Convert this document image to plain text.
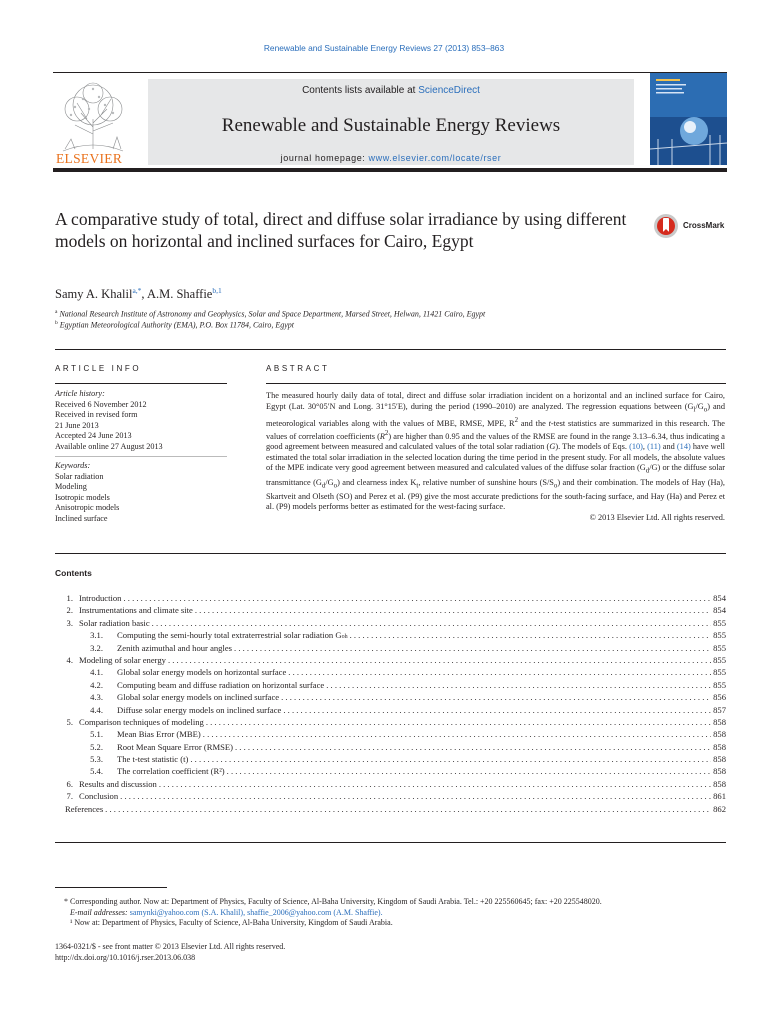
Renewable and Sustainable Energy Reviews 27 (2013) 853–863
ELSEVIER
Contents lists available at ScienceDirect
Renewable and Sustainable Energy Reviews
journal homepage: www.elsevier.com/locate/rser
A comparative study of total, direct and diffuse solar irradiance by using different models on horizontal and inclined surfaces for Cairo, Egypt
CrossMark
Samy A. Khalil$^{a,*}$, A.M. Shaffie$^{b,1}$
$^a$ National Research Institute of Astronomy and Geophysics, Solar and Space Department, Marsed Street, Helwan, 11421 Cairo, Egypt
$^b$ Egyptian Meteorological Authority (EMA), P.O. Box 11784, Cairo, Egypt
ARTICLE INFO	ABSTRACT
Article history:
Received 6 November 2012
Received in revised form
21 June 2013
Accepted 24 June 2013
Available online 27 August 2013
Keywords:
Solar radiation
Modeling
Isotropic models
Anisotropic models
Inclined surface
The measured hourly daily data of total, direct and diffuse solar irradiation incident on a horizontal and an inclined surface for Cairo, Egypt (Lat. 30°05′N and Long. 31°15′E), during the period (1990–2010) are analyzed. The regression equations between $(G_l/G_o)$ and meteorological variables along with the values of MBE, RMSE, MPE, $R^2$ and the t-test statistics are summarized in this research. The values of correlation coefficients $(R^2)$ are higher than 0.95 and the values of the RMSE are found in the range 3.13–6.34, thus indicating a good agreement between measured and calculated values of the total solar radiation (G). The models of Eqs. (10), (11) and (14) have well estimated the total solar irradiation in the selected location during the time period in the present study. For all models, the absolute values of the MPE indicate very good agreement between measured and calculated values of the diffuse solar fraction $(G_d/G)$ or the diffuse solar transmittance $(G_d/G_o)$ and clearness index $K_t$, relative number of sunshine hours $(S/S_o)$ and their combination. The models of Hay (Ha), Skartveit and Olseth (SO) and Perez et al. (P9) give the most accurate predictions for the south-facing surface, and Hay (Ha) and Perez et al. (P9) models performs better as estimated for the west-facing surface.
© 2013 Elsevier Ltd. All rights reserved.
Contents
1. Introduction . . .	854
2. Instrumentations and climate site . . .	854
3. Solar radiation basic . . .	855
3.1.	Computing the semi-hourly total extraterrestrial solar radiation $G_{oh}$ . . .	855
3.2.	Zenith azimuthal and hour angles . . .	855
4. Modeling of solar energy . . .	855
4.1.	Global solar energy models on horizontal surface . . .	855
4.2.	Computing beam and diffuse radiation on horizontal surface . . .	855
4.3.	Global solar energy models on inclined surface . . .	856
4.4.	Diffuse solar energy models on inclined surface . . .	857
5. Comparison techniques of modeling . . .	858
5.1.	Mean Bias Error (MBE) . . .	858
5.2.	Root Mean Square Error (RMSE) . . .	858
5.3.	The t-test statistic (t) . . .	858
5.4.	The correlation coefficient (R²) . . .	858
6. Results and discussion . . .	858
7. Conclusion . . .	861
References . . .	862
* Corresponding author. Now at: Department of Physics, Faculty of Science, Al-Baha University, Kingdom of Saudi Arabia. Tel.: +20 225560645; fax: +20 225548020.
E-mail addresses: samynki@yahoo.com (S.A. Khalil), shaffie_2006@yahoo.com (A.M. Shaffie).
¹ Now at: Department of Physics, Faculty of Science, Al-Baha University, Kingdom of Saudi Arabia.
1364-0321/$ - see front matter © 2013 Elsevier Ltd. All rights reserved.
http://dx.doi.org/10.1016/j.rser.2013.06.038
